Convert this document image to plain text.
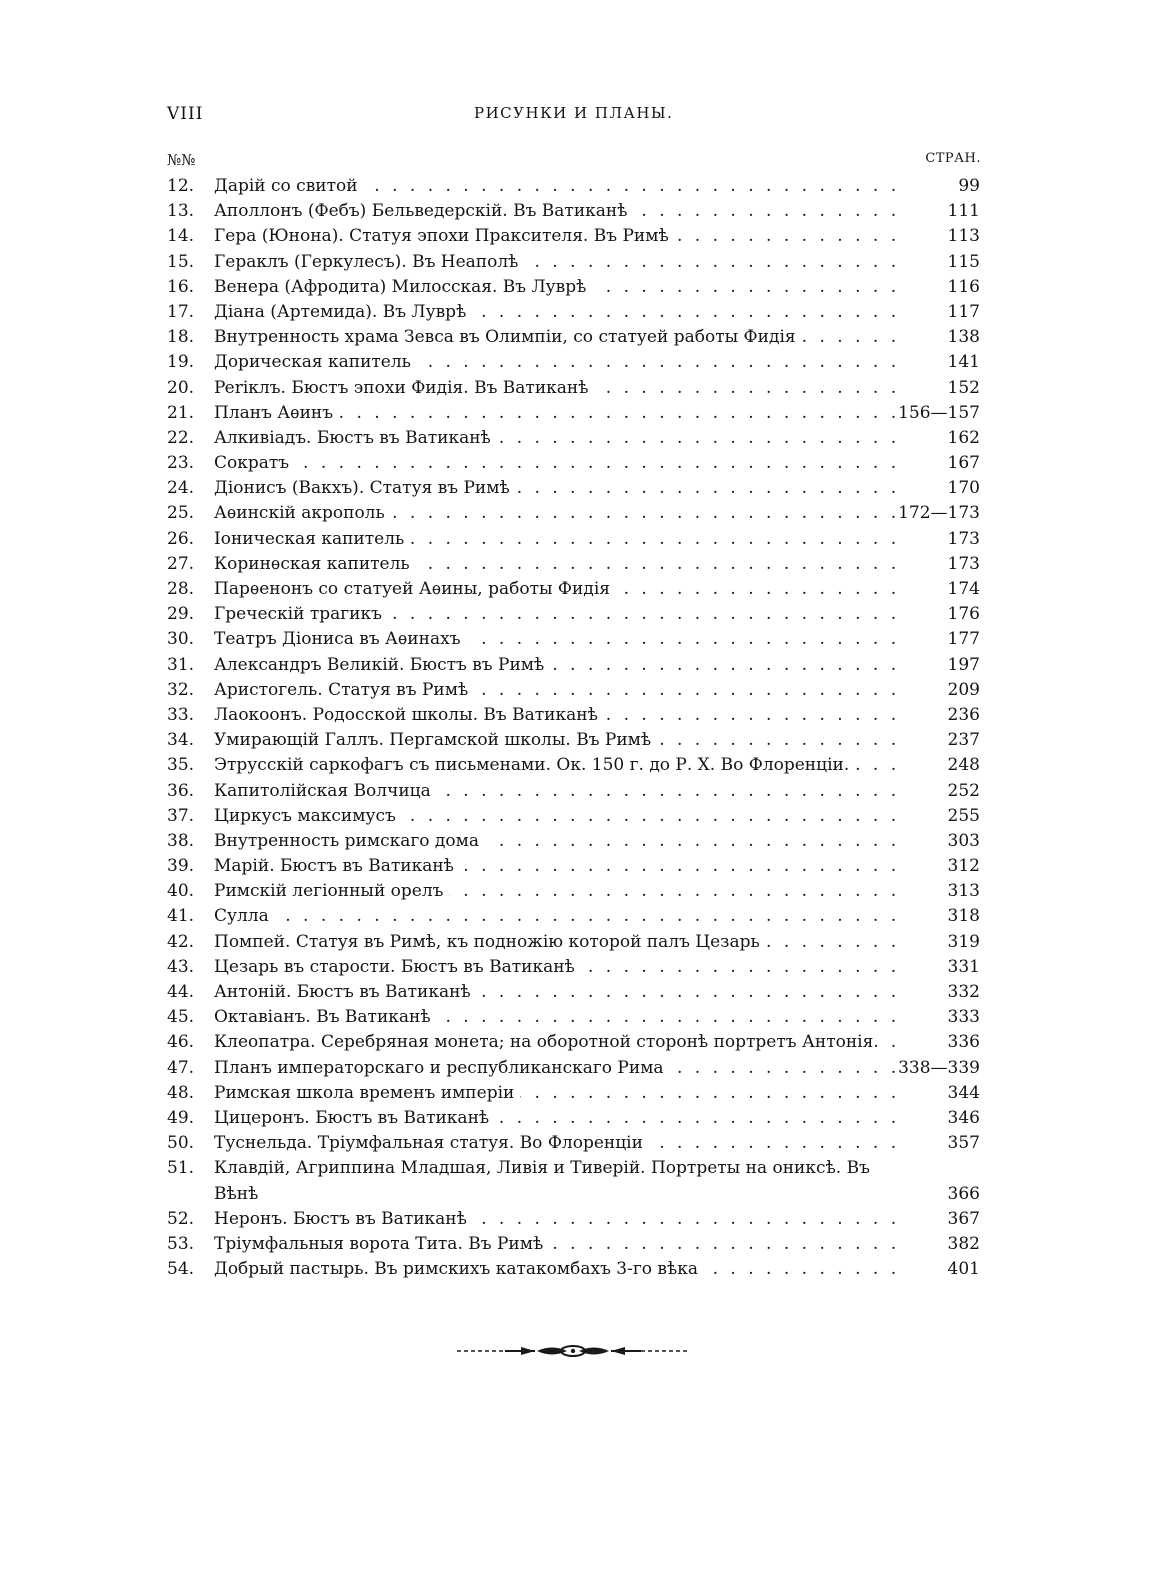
VIII	РИСУНКИ И ПЛАНЫ.
№№	СТРАН.
12.	Дарій со свитой . . .	99
13.	Аполлонъ (Фебъ) Бельведерскій. Въ Ватиканѣ . . .	111
14.	Гера (Юнона). Статуя эпохи Праксителя. Въ Римѣ . . .	113
15.	Гераклъ (Геркулесъ). Въ Неаполѣ . . .	115
16.	Венера (Афродита) Милосская. Въ Луврѣ . . .	116
17.	Діана (Артемида). Въ Луврѣ . . .	117
18.	Внутренность храма Зевса въ Олимпіи, со статуей работы Фидія . . .	138
19.	Дорическая капитель . . .	141
20.	Periклъ. Бюстъ эпохи Фидія. Въ Ватиканѣ . . .	152
21.	Планъ Аѳинъ . . .	156—157
22.	Алкивіадъ. Бюстъ въ Ватиканѣ . . .	162
23.	Сократъ . . .	167
24.	Діонисъ (Вакхъ). Статуя въ Римѣ . . .	170
25.	Аѳинскій акрополь . . .	172—173
26.	Іоническая капитель . . .	173
27.	Коринѳская капитель . . .	173
28.	Парѳенонъ со статуей Аѳины, работы Фидія . . .	174
29.	Греческій трагикъ . . .	176
30.	Театръ Діониса въ Аѳинахъ . . .	177
31.	Александръ Великій. Бюстъ въ Римѣ . . .	197
32.	Аристогель. Статуя въ Римѣ . . .	209
33.	Лаокоонъ. Родосской школы. Въ Ватиканѣ . . .	236
34.	Умирающій Галлъ. Пергамской школы. Въ Римѣ . . .	237
35.	Этрусскій саркофагъ съ письменами. Ок. 150 г. до Р. Х. Во Флоренціи. . . .	248
36.	Капитолійская Волчица . . .	252
37.	Циркусъ максимусъ . . .	255
38.	Внутренность римскаго дома . . .	303
39.	Марій. Бюстъ въ Ватиканѣ . . .	312
40.	Римскій легіонный орелъ . . .	313
41.	Сулла . . .	318
42.	Помпей. Статуя въ Римѣ, къ подножію которой палъ Цезарь . . .	319
43.	Цезарь въ старости. Бюстъ въ Ватиканѣ . . .	331
44.	Антоній. Бюстъ въ Ватиканѣ . . .	332
45.	Октавіанъ. Въ Ватиканѣ . . .	333
46.	Клеопатра. Серебряная монета; на оборотной сторонѣ портретъ Антонія. . . .	336
47.	Планъ императорскаго и республиканскаго Рима . . .	338—339
48.	Римская школа временъ имперіи . . .	344
49.	Цицеронъ. Бюстъ въ Ватиканѣ . . .	346
50.	Туснельда. Тріумфальная статуя. Во Флоренціи . . .	357
51.	Клавдій, Агриппина Младшая, Ливія и Тиверій. Портреты на ониксѣ. Въ Вѣнѣ	366
52.	Неронъ. Бюстъ въ Ватиканѣ . . .	367
53.	Тріумфальныя ворота Тита. Въ Римѣ . . .	382
54.	Добрый пастырь. Въ римскихъ катакомбахъ 3-го вѣка . . .	401
